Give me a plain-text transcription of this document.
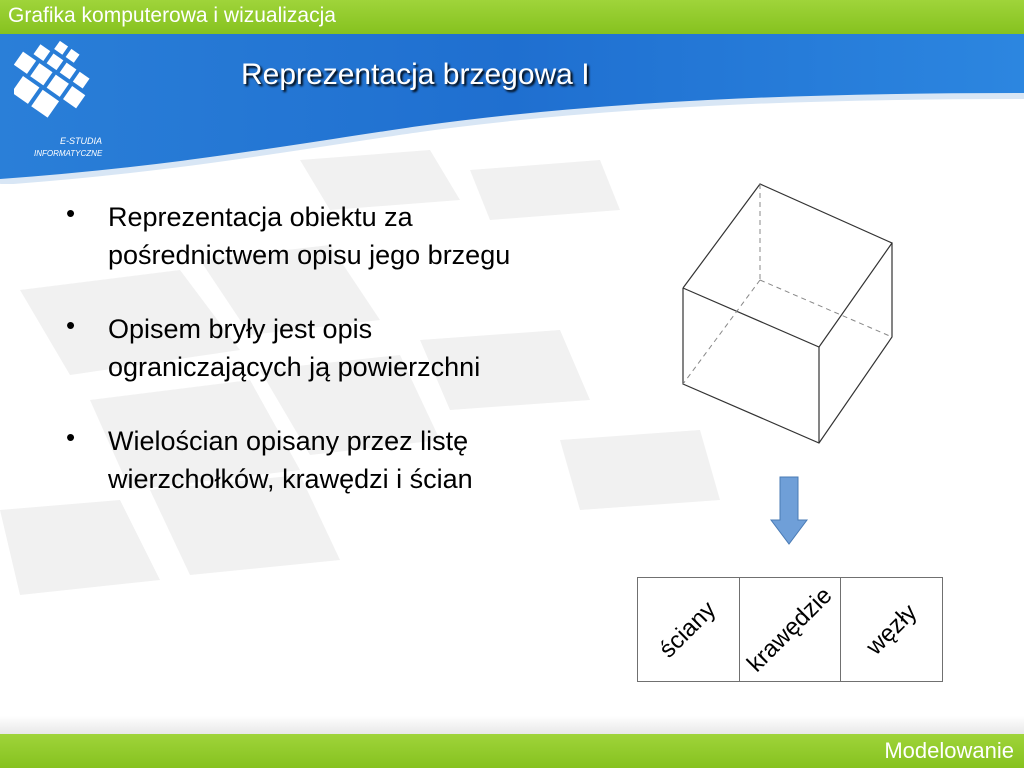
Grafika komputerowa i wizualizacja
E-STUDIA
INFORMATYCZNE
Reprezentacja brzegowa I
• Reprezentacja obiektu za pośrednictwem opisu jego brzegu
• Opisem bryły jest opis ograniczających ją powierzchni
• Wielościan opisany przez listę wierzchołków, krawędzi i ścian
ściany krawędzie węzły
Modelowanie
